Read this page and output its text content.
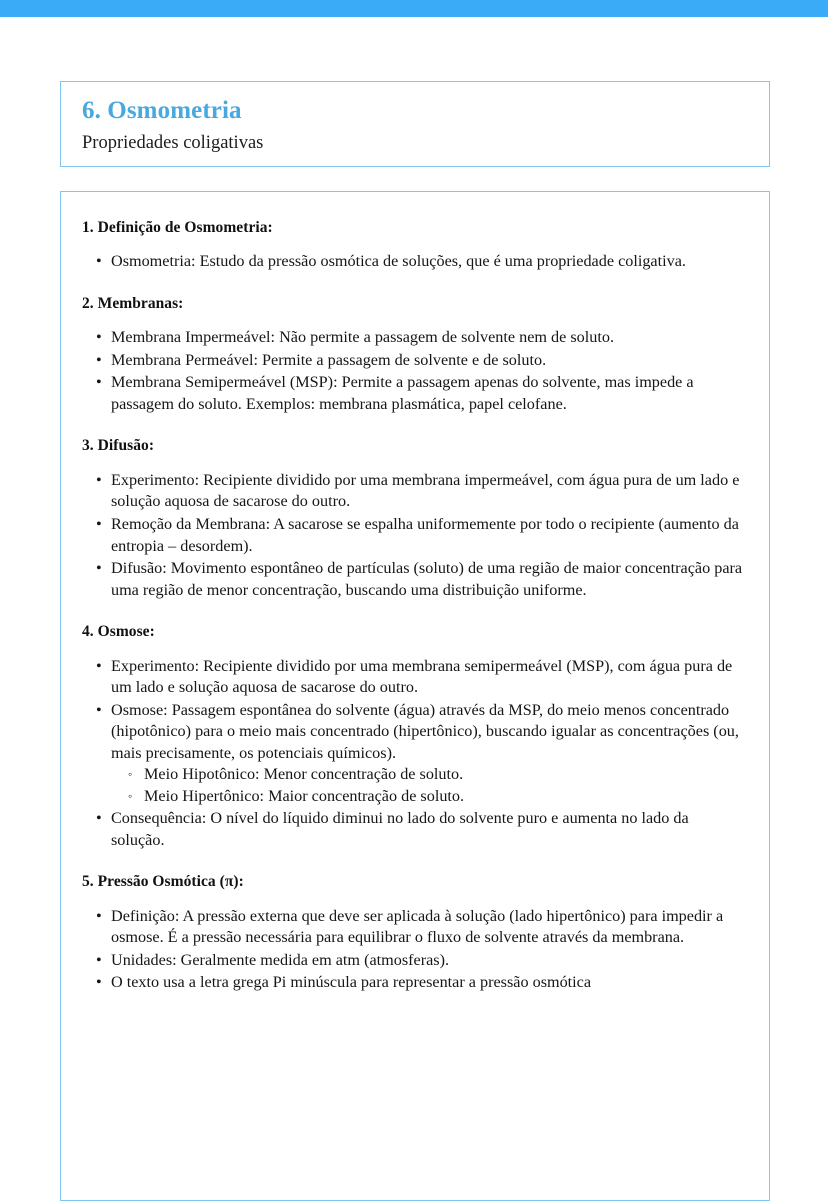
6. Osmometria
Propriedades coligativas
1. Definição de Osmometria:
• Osmometria: Estudo da pressão osmótica de soluções, que é uma propriedade coligativa.
2. Membranas:
• Membrana Impermeável: Não permite a passagem de solvente nem de soluto.
• Membrana Permeável: Permite a passagem de solvente e de soluto.
• Membrana Semipermeável (MSP): Permite a passagem apenas do solvente, mas impede a passagem do soluto. Exemplos: membrana plasmática, papel celofane.
3. Difusão:
• Experimento: Recipiente dividido por uma membrana impermeável, com água pura de um lado e solução aquosa de sacarose do outro.
• Remoção da Membrana: A sacarose se espalha uniformemente por todo o recipiente (aumento da entropia – desordem).
• Difusão: Movimento espontâneo de partículas (soluto) de uma região de maior concentração para uma região de menor concentração, buscando uma distribuição uniforme.
4. Osmose:
• Experimento: Recipiente dividido por uma membrana semipermeável (MSP), com água pura de um lado e solução aquosa de sacarose do outro.
• Osmose: Passagem espontânea do solvente (água) através da MSP, do meio menos concentrado (hipotônico) para o meio mais concentrado (hipertônico), buscando igualar as concentrações (ou, mais precisamente, os potenciais químicos).
◦ Meio Hipotônico: Menor concentração de soluto.
◦ Meio Hipertônico: Maior concentração de soluto.
• Consequência: O nível do líquido diminui no lado do solvente puro e aumenta no lado da solução.
5. Pressão Osmótica (π):
• Definição: A pressão externa que deve ser aplicada à solução (lado hipertônico) para impedir a osmose. É a pressão necessária para equilibrar o fluxo de solvente através da membrana.
• Unidades: Geralmente medida em atm (atmosferas).
• O texto usa a letra grega Pi minúscula para representar a pressão osmótica
